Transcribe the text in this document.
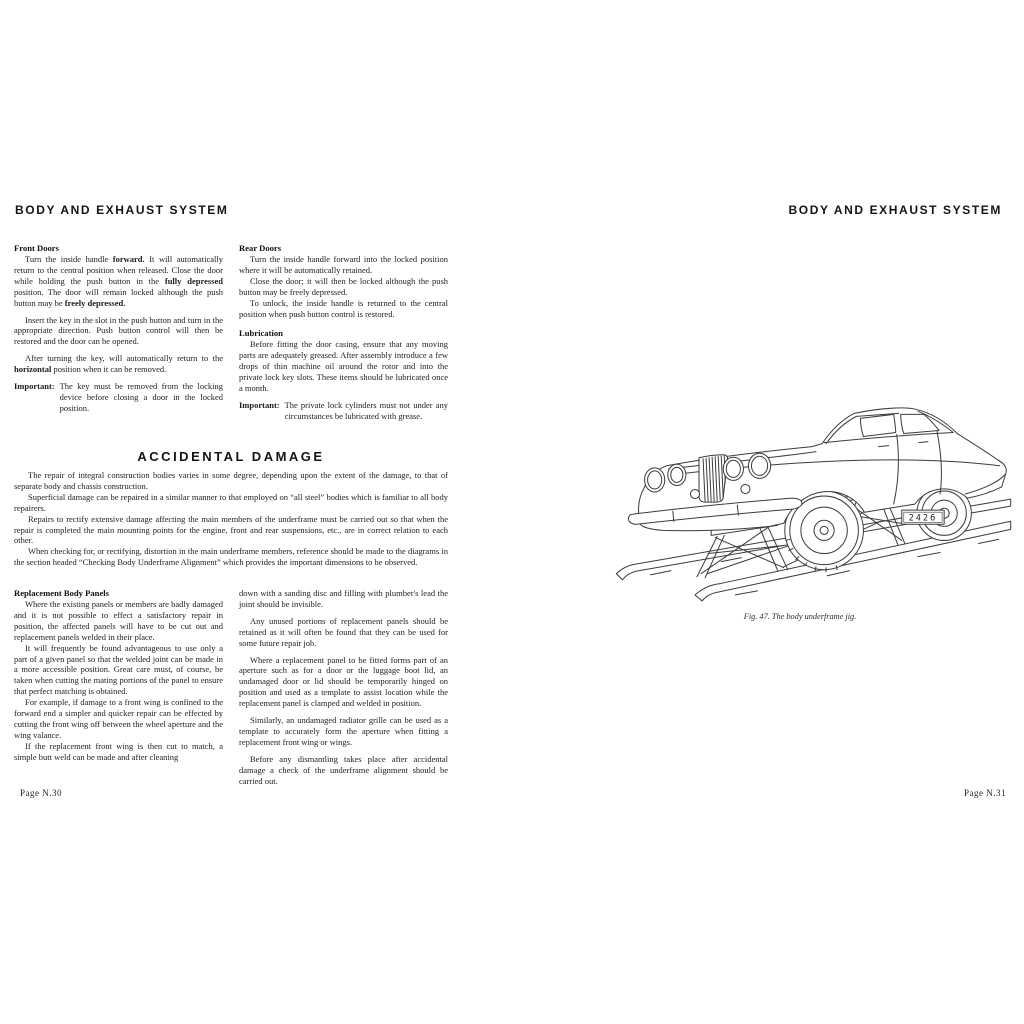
BODY AND EXHAUST SYSTEM
Front Doors
Turn the inside handle forward. It will automatically return to the central position when released. Close the door while holding the push button in the fully depressed position. The door will remain locked although the push button may be freely depressed.
Insert the key in the slot in the push button and turn in the appropriate direction. Push button control will then be restored and the door can be opened.
After turning the key, will automatically return to the horizontal position when it can be removed.
Important: The key must be removed from the locking device before closing a door in the locked position.
Rear Doors
Turn the inside handle forward into the locked position where it will be automatically retained.
Close the door; it will then be locked although the push button may be freely depressed.
To unlock, the inside handle is returned to the central position when push button control is restored.
Lubrication
Before fitting the door casing, ensure that any moving parts are adequately greased. After assembly introduce a few drops of thin machine oil around the rotor and into the private lock key slots. These items should be lubricated once a month.
Important: The private lock cylinders must not under any circumstances be lubricated with grease.
ACCIDENTAL DAMAGE
The repair of integral construction bodies varies in some degree, depending upon the extent of the damage, to that of separate body and chassis construction.
Superficial damage can be repaired in a similar manner to that employed on “all steel” bodies which is familiar to all body repairers.
Repairs to rectify extensive damage affecting the main members of the underframe must be carried out so that when the repair is completed the main mounting points for the engine, front and rear suspensions, etc., are in correct relation to each other.
When checking for, or rectifying, distortion in the main underframe members, reference should be made to the diagrams in the section headed “Checking Body Underframe Alignment” which provides the important dimensions to be observed.
Replacement Body Panels
Where the existing panels or members are badly damaged and it is not possible to effect a satisfactory repair in position, the affected panels will have to be cut out and replacement panels welded in their place.
It will frequently be found advantageous to use only a part of a given panel so that the welded joint can be made in a more accessible position. Great care must, of course, be taken when cutting the mating portions of the panel to ensure that perfect matching is obtained.
For example, if damage to a front wing is confined to the forward end a simpler and quicker repair can be effected by cutting the front wing off between the wheel aperture and the wing valance.
If the replacement front wing is then cut to match, a simple butt weld can be made and after cleaning
down with a sanding disc and filling with plumber's lead the joint should be invisible.
Any unused portions of replacement panels should be retained as it will often be found that they can be used for some future repair job.
Where a replacement panel to be fitted forms part of an aperture such as for a door or the luggage boot lid, an undamaged door or lid should be temporarily hinged on position and used as a template to assist location while the replacement panel is clamped and welded in position.
Similarly, an undamaged radiator grille can be used as a template to accurately form the aperture when fitting a replacement front wing or wings.
Before any dismantling takes place after accidental damage a check of the underframe alignment should be carried out.
Page N.30
BODY AND EXHAUST SYSTEM
2426
Fig. 47. The body underframe jig.
Page N.31
